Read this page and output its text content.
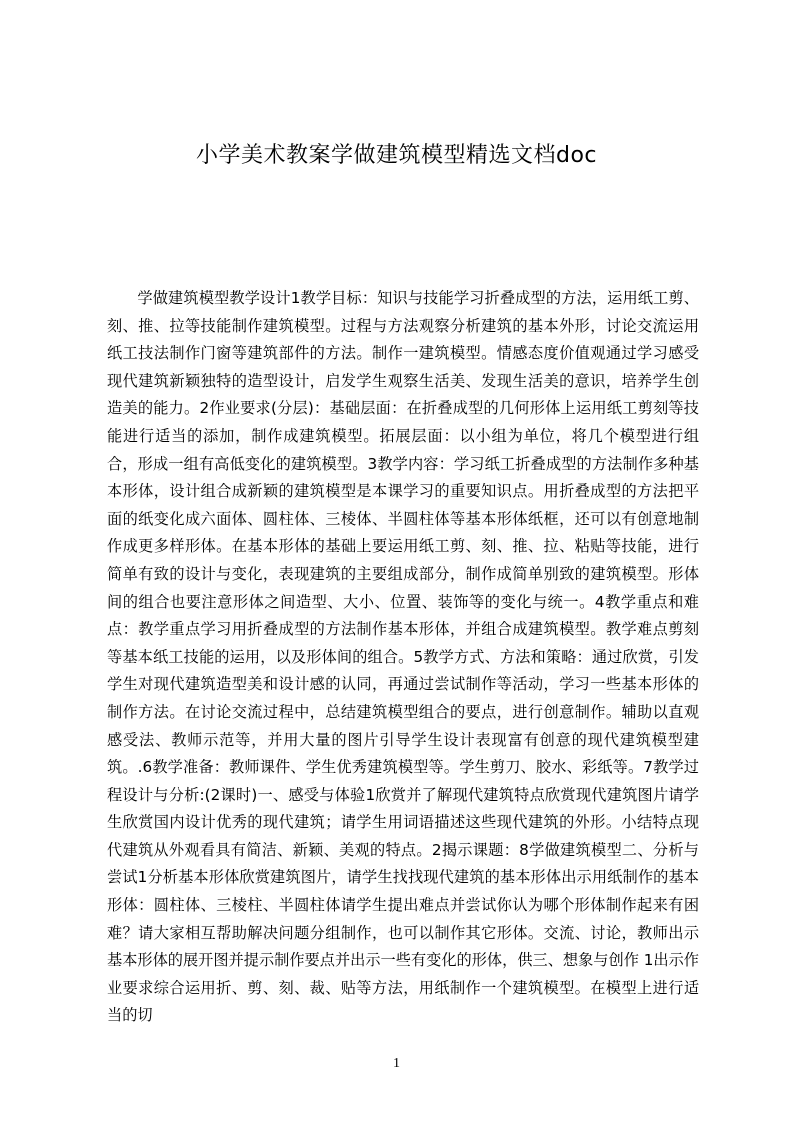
小学美术教案学做建筑模型精选文档doc

学做建筑模型教学设计1教学目标：知识与技能学习折叠成型的方法，运用纸工剪、刻、推、拉等技能制作建筑模型。过程与方法观察分析建筑的基本外形，讨论交流运用纸工技法制作门窗等建筑部件的方法。制作一建筑模型。情感态度价值观通过学习感受现代建筑新颖独特的造型设计，启发学生观察生活美、发现生活美的意识，培养学生创造美的能力。2作业要求(分层)：基础层面：在折叠成型的几何形体上运用纸工剪刻等技能进行适当的添加，制作成建筑模型。拓展层面：以小组为单位，将几个模型进行组合，形成一组有高低变化的建筑模型。3教学内容：学习纸工折叠成型的方法制作多种基本形体，设计组合成新颖的建筑模型是本课学习的重要知识点。用折叠成型的方法把平面的纸变化成六面体、圆柱体、三棱体、半圆柱体等基本形体纸框，还可以有创意地制作成更多样形体。在基本形体的基础上要运用纸工剪、刻、推、拉、粘贴等技能，进行简单有致的设计与变化，表现建筑的主要组成部分，制作成简单别致的建筑模型。形体间的组合也要注意形体之间造型、大小、位置、装饰等的变化与统一。4教学重点和难点：教学重点学习用折叠成型的方法制作基本形体，并组合成建筑模型。教学难点剪刻等基本纸工技能的运用，以及形体间的组合。5教学方式、方法和策略：通过欣赏，引发学生对现代建筑造型美和设计感的认同，再通过尝试制作等活动，学习一些基本形体的制作方法。在讨论交流过程中，总结建筑模型组合的要点，进行创意制作。辅助以直观感受法、教师示范等，并用大量的图片引导学生设计表现富有创意的现代建筑模型建筑。.6教学准备：教师课件、学生优秀建筑模型等。学生剪刀、胶水、彩纸等。7教学过程设计与分析:(2课时)一、感受与体验1欣赏并了解现代建筑特点欣赏现代建筑图片请学生欣赏国内设计优秀的现代建筑；请学生用词语描述这些现代建筑的外形。小结特点现代建筑从外观看具有简洁、新颖、美观的特点。2揭示课题：8学做建筑模型二、分析与尝试1分析基本形体欣赏建筑图片，请学生找找现代建筑的基本形体出示用纸制作的基本形体：圆柱体、三棱柱、半圆柱体请学生提出难点并尝试你认为哪个形体制作起来有困难？请大家相互帮助解决问题分组制作，也可以制作其它形体。交流、讨论，教师出示基本形体的展开图并提示制作要点并出示一些有变化的形体，供三、想象与创作 1出示作业要求综合运用折、剪、刻、裁、贴等方法，用纸制作一个建筑模型。在模型上进行适当的切

1
